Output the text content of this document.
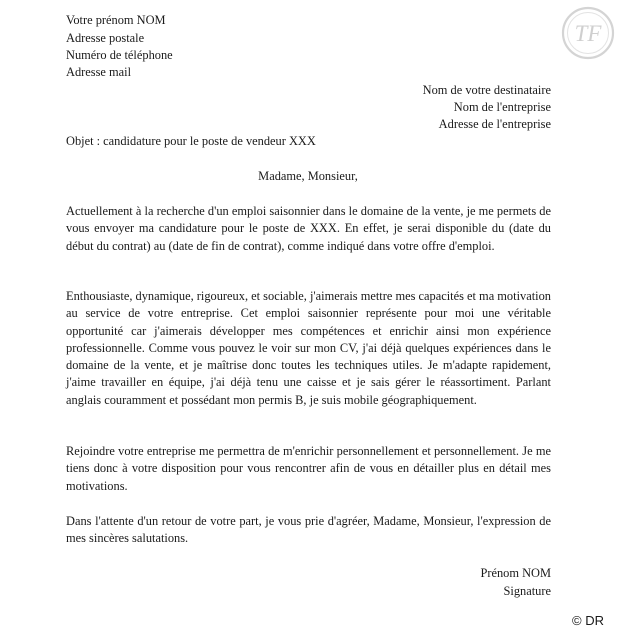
TF
Votre prénom NOM
Adresse postale
Numéro de téléphone
Adresse mail
Nom de votre destinataire
Nom de l'entreprise
Adresse de l'entreprise
Objet : candidature pour le poste de vendeur XXX
Madame, Monsieur,
Actuellement à la recherche d'un emploi saisonnier dans le domaine de la vente, je me permets de vous envoyer ma candidature pour le poste de XXX. En effet, je serai disponible du (date du début du contrat) au (date de fin de contrat), comme indiqué dans votre offre d'emploi.
Enthousiaste, dynamique, rigoureux, et sociable, j'aimerais mettre mes capacités et ma motivation au service de votre entreprise. Cet emploi saisonnier représente pour moi une véritable opportunité car j'aimerais développer mes compétences et enrichir ainsi mon expérience professionnelle. Comme vous pouvez le voir sur mon CV, j'ai déjà quelques expériences dans le domaine de la vente, et je maîtrise donc toutes les techniques utiles. Je m'adapte rapidement, j'aime travailler en équipe, j'ai déjà tenu une caisse et je sais gérer le réassortiment. Parlant anglais couramment et possédant mon permis B, je suis mobile géographiquement.
Rejoindre votre entreprise me permettra de m'enrichir personnellement et personnellement. Je me tiens donc à votre disposition pour vous rencontrer afin de vous en détailler plus en détail mes motivations.
Dans l'attente d'un retour de votre part, je vous prie d'agréer, Madame, Monsieur, l'expression de mes sincères salutations.
Prénom NOM
Signature
© DR
